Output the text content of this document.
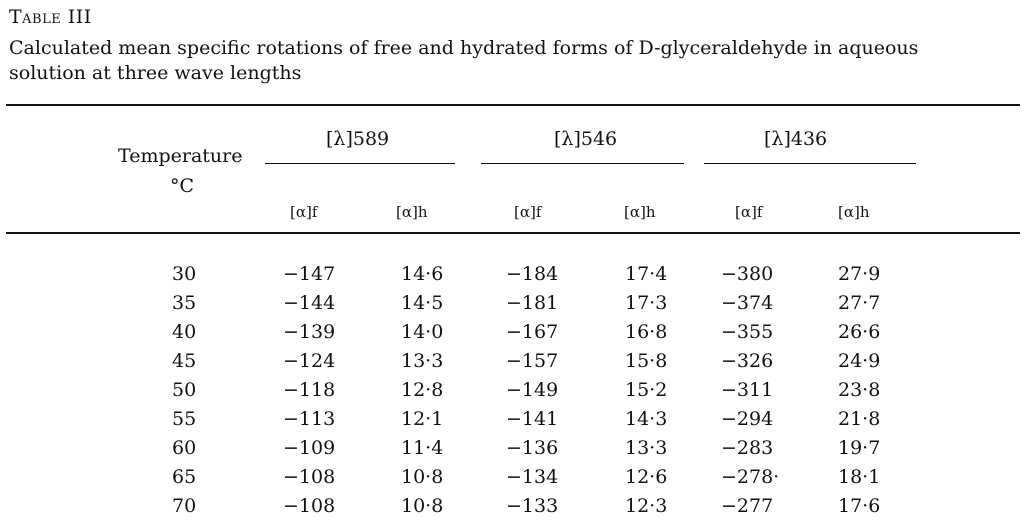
Table III
Calculated mean specific rotations of free and hydrated forms of D-glyceraldehyde in aqueous
solution at three wave lengths
Temperature
°C
[λ]589	[λ]546	[λ]436
[α]f	[α]h	[α]f	[α]h	[α]f	[α]h
30	−147	14·6	−184	17·4	−380	27·9
35	−144	14·5	−181	17·3	−374	27·7
40	−139	14·0	−167	16·8	−355	26·6
45	−124	13·3	−157	15·8	−326	24·9
50	−118	12·8	−149	15·2	−311	23·8
55	−113	12·1	−141	14·3	−294	21·8
60	−109	11·4	−136	13·3	−283	19·7
65	−108	10·8	−134	12·6	−278·	18·1
70	−108	10·8	−133	12·3	−277	17·6
